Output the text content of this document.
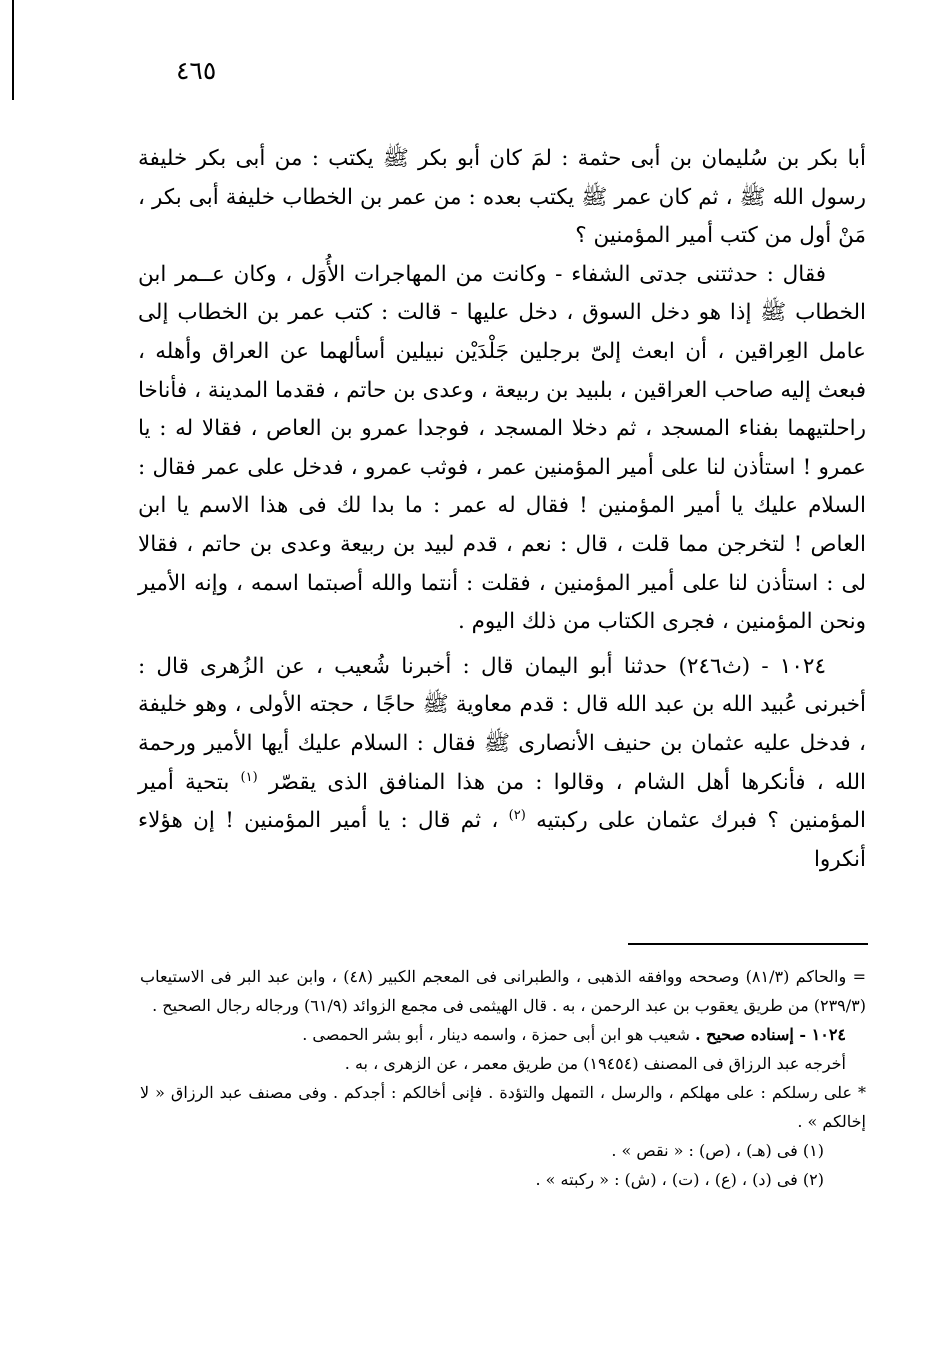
٤٦٥

أبا بكر بن سُليمان بن أبى حثمة : لمَ كان أبو بكر ﷺ يكتب : من أبى بكر خليفة رسول الله ﷺ ، ثم كان عمر ﷺ يكتب بعده : من عمر بن الخطاب خليفة أبى بكر ، مَنْ أول من كتب أمير المؤمنين ؟

فقال : حدثتنى جدتى الشفاء - وكانت من المهاجرات الأُوَل ، وكان عــمر ابن الخطاب ﷺ إذا هو دخل السوق ، دخل عليها - قالت : كتب عمر بن الخطاب إلى عامل العِراقين ، أن ابعث إلىّ برجلين جَلْدَيْن نبيلين أسألهما عن العراق وأهله ، فبعث إليه صاحب العراقين ، بلبيد بن ربيعة ، وعدى بن حاتم ، فقدما المدينة ، فأناخا راحلتيهما بفناء المسجد ، ثم دخلا المسجد ، فوجدا عمرو بن العاص ، فقالا له : يا عمرو ! استأذن لنا على أمير المؤمنين عمر ، فوثب عمرو ، فدخل على عمر فقال : السلام عليك يا أمير المؤمنين ! فقال له عمر : ما بدا لك فى هذا الاسم يا ابن العاص ! لتخرجن مما قلت ، قال : نعم ، قدم لبيد بن ربيعة وعدى بن حاتم ، فقالا لى : استأذن لنا على أمير المؤمنين ، فقلت : أنتما والله أصبتما اسمه ، وإنه الأمير ونحن المؤمنين ، فجرى الكتاب من ذلك اليوم .

١٠٢٤ - (ث٢٤٦) حدثنا أبو اليمان قال : أخبرنا شُعيب ، عن الزُهرى قال : أخبرنى عُبيد الله بن عبد الله قال : قدم معاوية ﷺ حاجًا ، حجته الأولى ، وهو خليفة ، فدخل عليه عثمان بن حنيف الأنصارى ﷺ فقال : السلام عليك أيها الأمير ورحمة الله ، فأنكرها أهل الشام ، وقالوا : من هذا المنافق الذى يقصّر $^{(١)}$ بتحية أمير المؤمنين ؟ فبرك عثمان على ركبتيه $^{(٢)}$ ، ثم قال : يا أمير المؤمنين ! إن هؤلاء أنكروا

= والحاكم (٨١/٣) وصححه ووافقه الذهبى ، والطبرانى فى المعجم الكبير (٤٨) ، وابن عبد البر فى الاستيعاب (٢٣٩/٣) من طريق يعقوب بن عبد الرحمن ، به . قال الهيثمى فى مجمع الزوائد (٦١/٩) ورجاله رجال الصحيح .

١٠٢٤ - إسناده صحيح . شعيب هو ابن أبى حمزة ، واسمه دينار ، أبو بشر الحمصى .

أخرجه عبد الرزاق فى المصنف (١٩٤٥٤) من طريق معمر ، عن الزهرى ، به .

* على رسلكم : على مهلكم ، والرسل ، التمهل والتؤدة . فإنى أخالكم : أجدكم . وفى مصنف عبد الرزاق « لا إخالكم » .

(١) فى (هـ) ، (ص) : « نقص » .

(٢) فى (د) ، (ع) ، (ت) ، (ش) : « ركبته » .
